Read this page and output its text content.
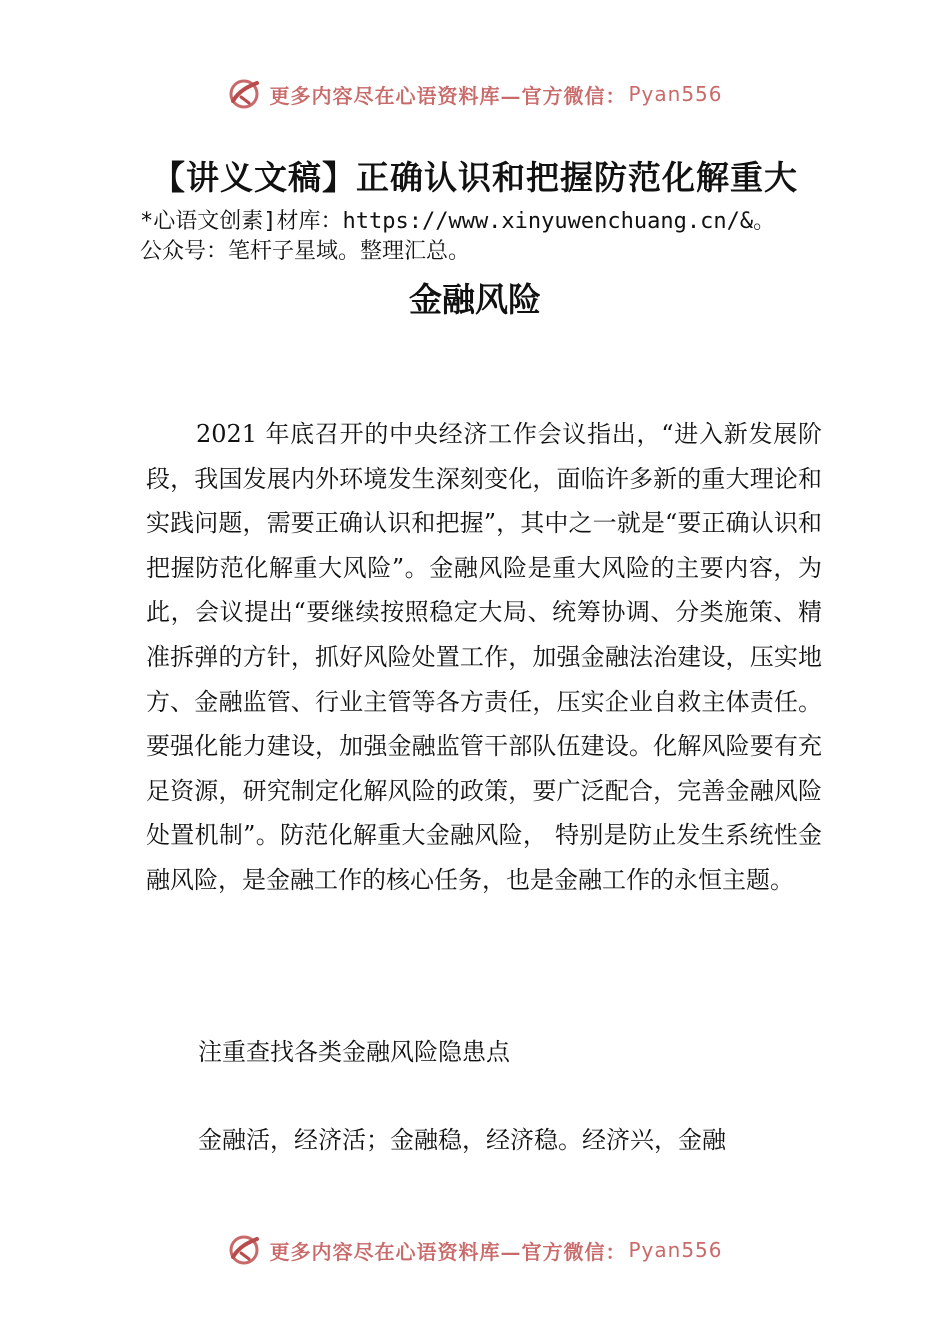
更多内容尽在心语资料库—官方微信： Pyan556
【讲义文稿】正确认识和把握防范化解重大
*心语文创素]材库：https://www.xinyuwenchuang.cn/&。
公众号：笔杆子星域。整理汇总。
金融风险

2021 年底召开的中央经济工作会议指出，“进入新发展阶段，我国发展内外环境发生深刻变化，面临许多新的重大理论和实践问题，需要正确认识和把握”，其中之一就是“要正确认识和把握防范化解重大风险”。金融风险是重大风险的主要内容，为此，会议提出“要继续按照稳定大局、统筹协调、分类施策、精准拆弹的方针，抓好风险处置工作，加强金融法治建设，压实地方、金融监管、行业主管等各方责任，压实企业自救主体责任。要强化能力建设，加强金融监管干部队伍建设。化解风险要有充足资源，研究制定化解风险的政策，要广泛配合，完善金融风险处置机制”。防范化解重大金融风险， 特别是防止发生系统性金融风险，是金融工作的核心任务，也是金融工作的永恒主题。

注重查找各类金融风险隐患点

金融活，经济活；金融稳，经济稳。经济兴，金融

更多内容尽在心语资料库—官方微信： Pyan556
